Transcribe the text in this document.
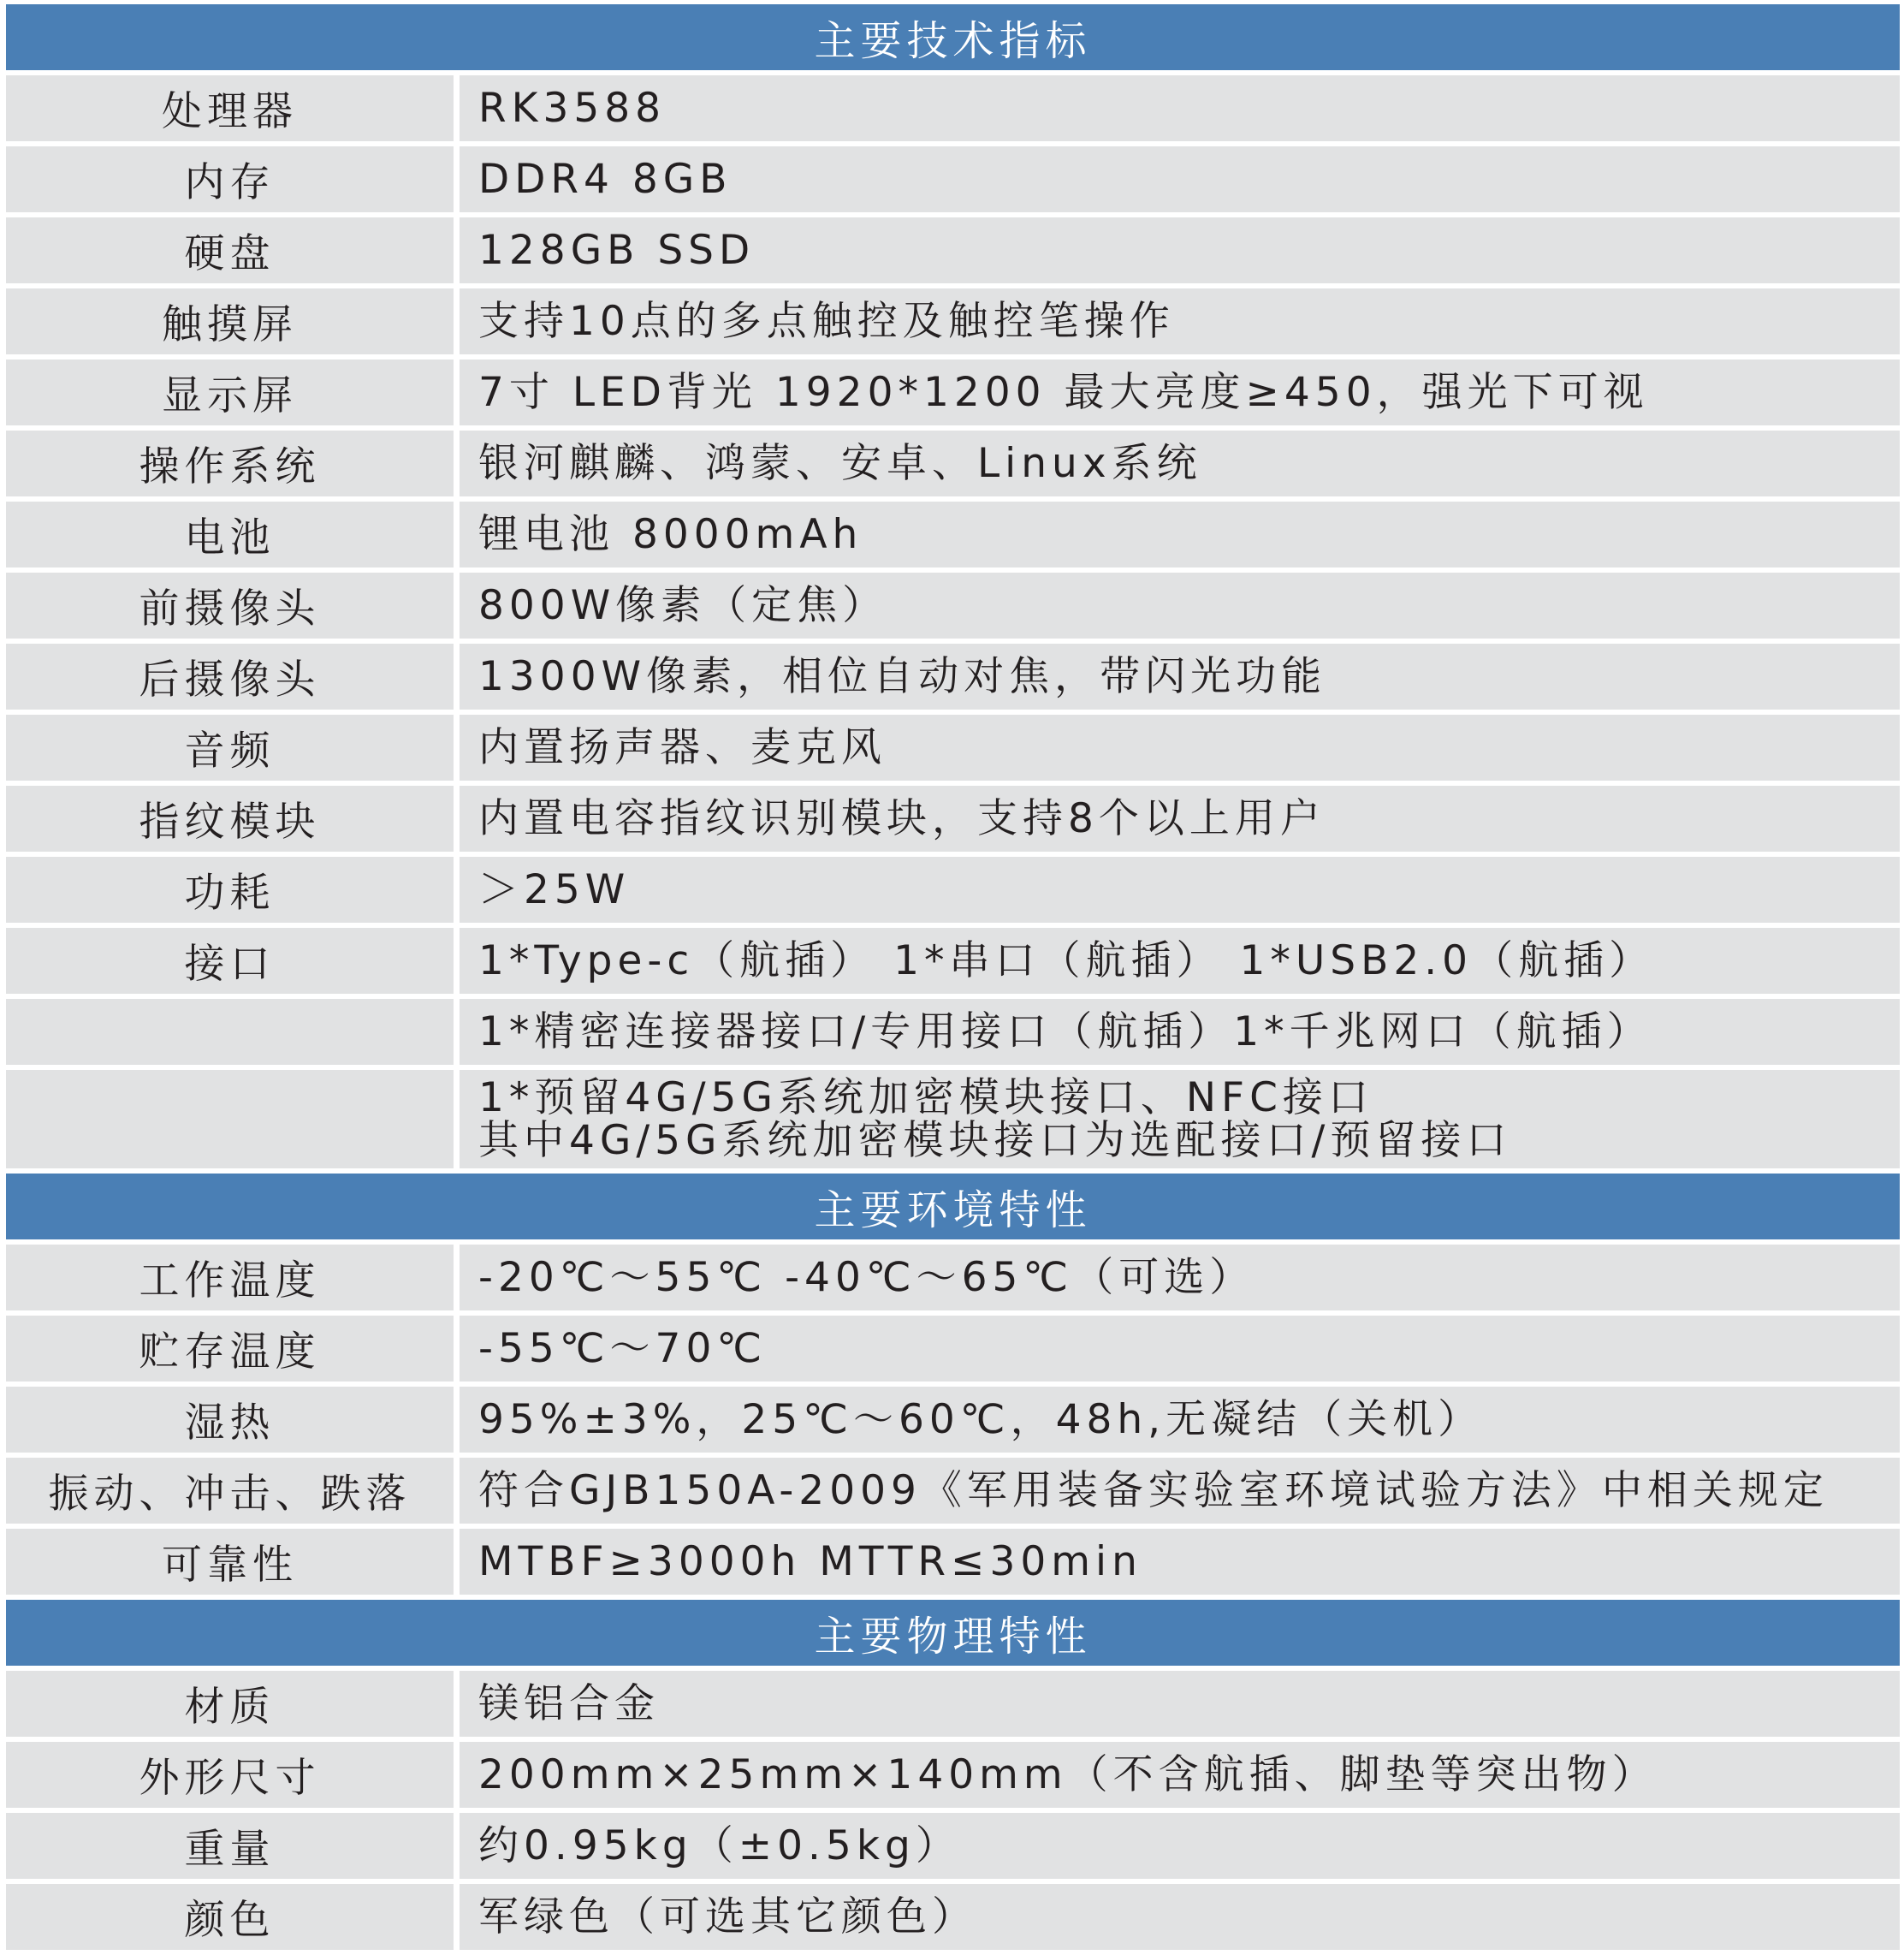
主要技术指标
处理器	RK3588
内存	DDR4 8GB
硬盘	128GB SSD
触摸屏	支持10点的多点触控及触控笔操作
显示屏	7寸 LED背光 1920*1200 最大亮度≥450，强光下可视
操作系统	银河麒麟、鸿蒙、安卓、Linux系统
电池	锂电池 8000mAh
前摄像头	800W像素（定焦）
后摄像头	1300W像素，相位自动对焦，带闪光功能
音频	内置扬声器、麦克风
指纹模块	内置电容指纹识别模块，支持8个以上用户
功耗	＞25W
接口	1*Type-c（航插） 1*串口（航插） 1*USB2.0（航插）
1*精密连接器接口/专用接口（航插）1*千兆网口（航插）
1*预留4G/5G系统加密模块接口、NFC接口
其中4G/5G系统加密模块接口为选配接口/预留接口
主要环境特性
工作温度	-20℃～55℃ -40℃～65℃（可选）
贮存温度	-55℃～70℃
湿热	95%±3%，25℃～60℃，48h,无凝结（关机）
振动、冲击、跌落	符合GJB150A-2009《军用装备实验室环境试验方法》中相关规定
可靠性	MTBF≥3000h MTTR≤30min
主要物理特性
材质	镁铝合金
外形尺寸	200mm×25mm×140mm（不含航插、脚垫等突出物）
重量	约0.95kg（±0.5kg）
颜色	军绿色（可选其它颜色）
